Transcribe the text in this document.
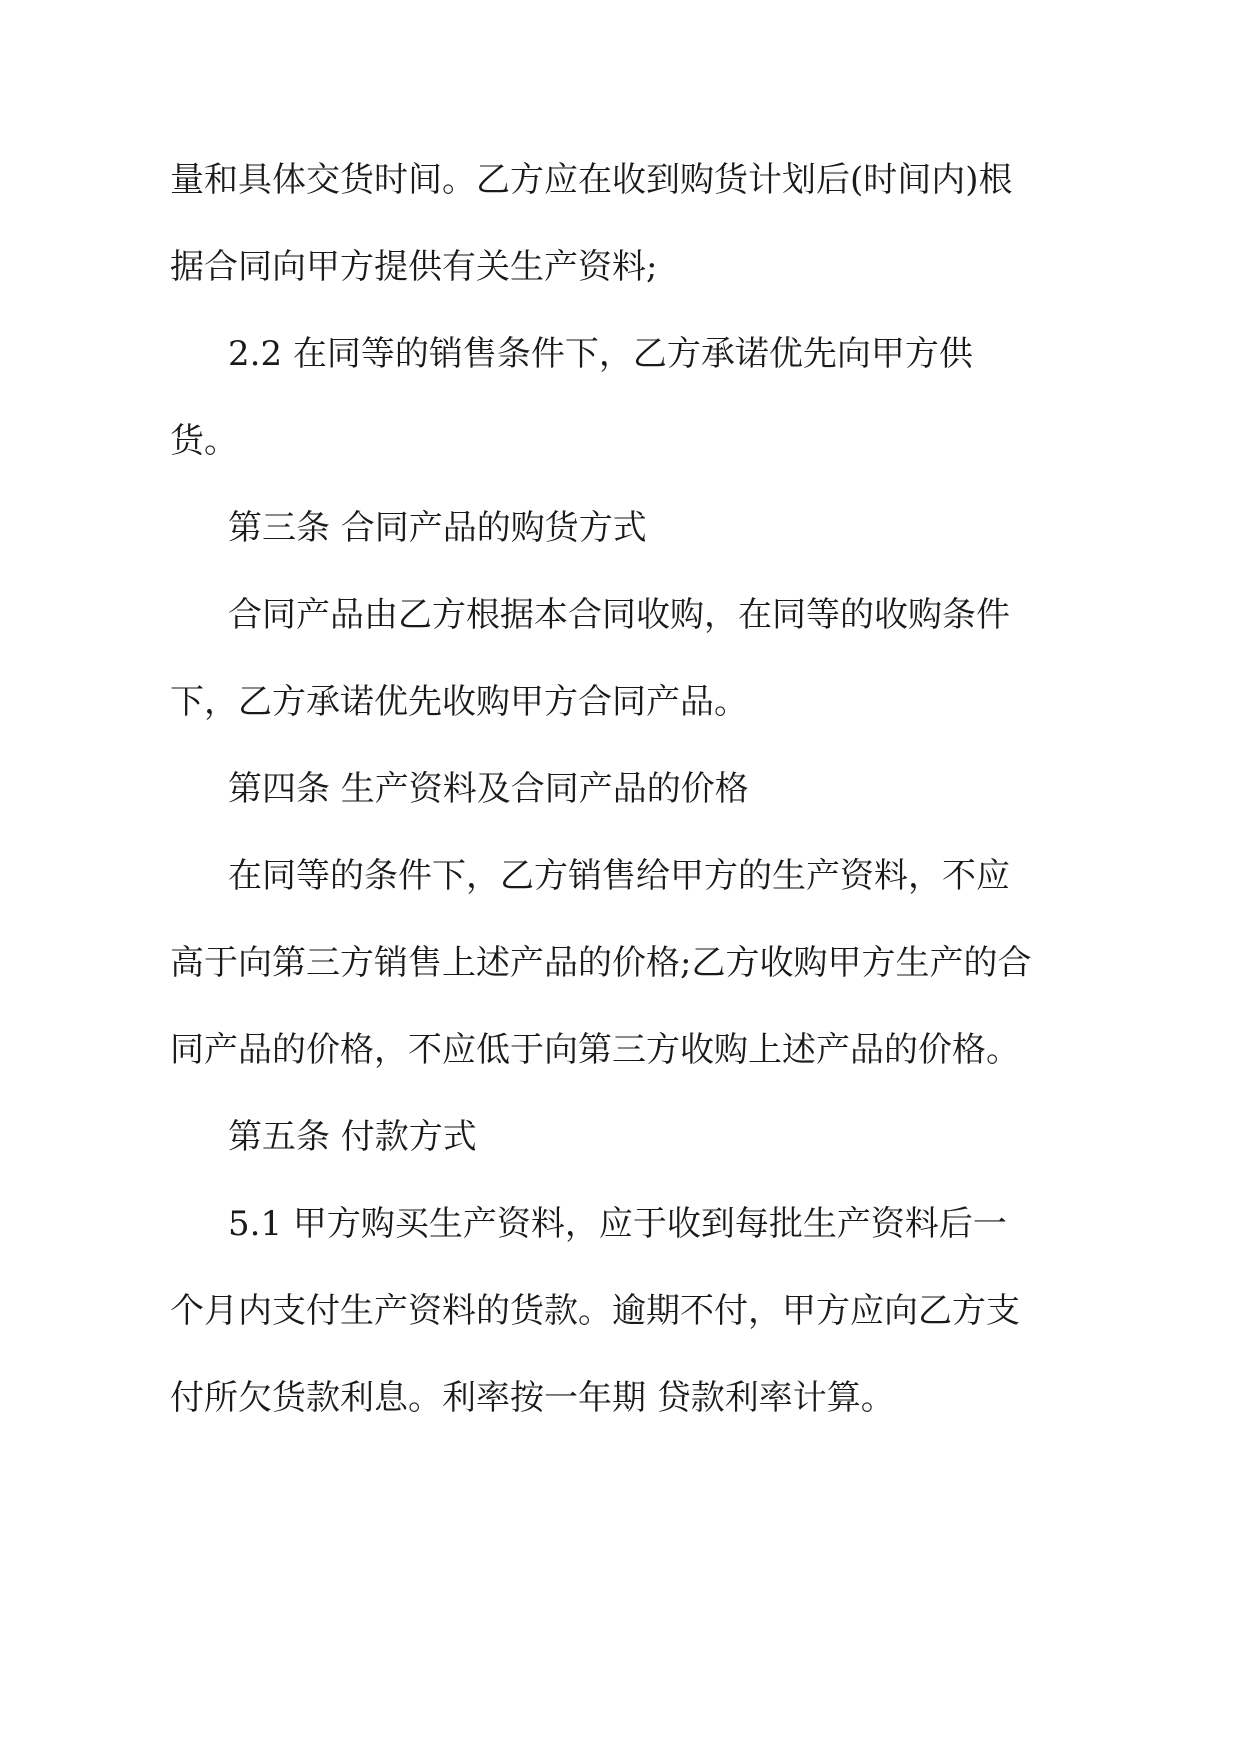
量和具体交货时间。乙方应在收到购货计划后(时间内)根
据合同向甲方提供有关生产资料;
2.2 在同等的销售条件下，乙方承诺优先向甲方供
货。
第三条 合同产品的购货方式
合同产品由乙方根据本合同收购，在同等的收购条件
下，乙方承诺优先收购甲方合同产品。
第四条 生产资料及合同产品的价格
在同等的条件下，乙方销售给甲方的生产资料，不应
高于向第三方销售上述产品的价格;乙方收购甲方生产的合
同产品的价格，不应低于向第三方收购上述产品的价格。
第五条 付款方式
5.1 甲方购买生产资料，应于收到每批生产资料后一
个月内支付生产资料的货款。逾期不付，甲方应向乙方支
付所欠货款利息。利率按一年期 贷款利率计算。
